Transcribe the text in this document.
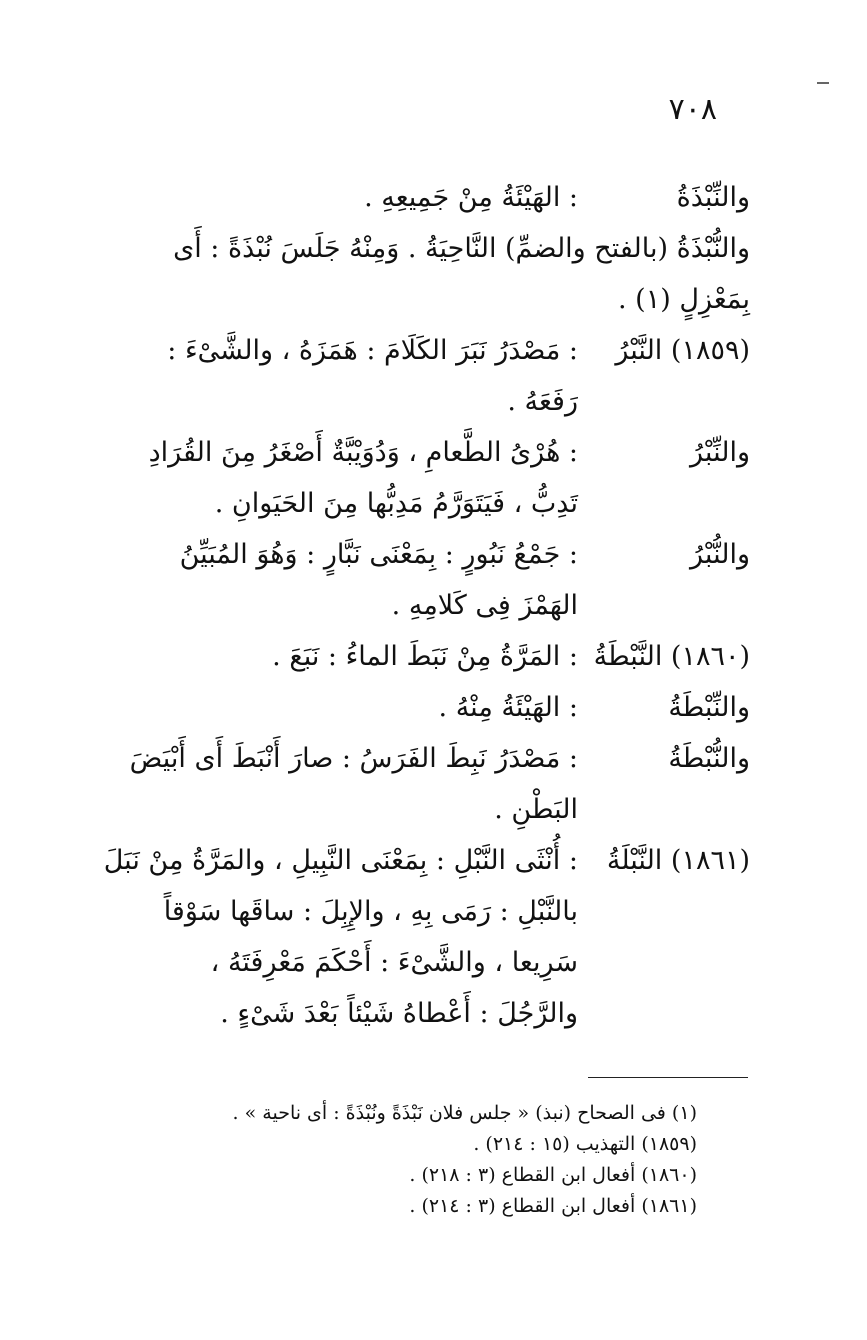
٧٠٨
والنِّبْذَةُ
: الهَيْئَةُ مِنْ جَمِيعِهِ .
والنُّبْذَةُ (بالفتح والضمِّ) النَّاحِيَةُ . وَمِنْهُ جَلَسَ نُبْذَةً : أَى
بِمَعْزِلٍ (١) .
(١٨٥٩) النَّبْرُ
: مَصْدَرُ نَبَرَ الكَلَامَ : هَمَزَهُ ، والشَّىْءَ :
رَفَعَهُ .
والنِّبْرُ
: هُرْىُ الطَّعامِ ، وَدُوَيْبَّةٌ أَصْغَرُ مِنَ القُرَادِ
تَدِبُّ ، فَيَتَوَرَّمُ مَدِبُّها مِنَ الحَيَوانِ .
والنُّبْرُ
: جَمْعُ نَبُورٍ : بِمَعْنَى نَبَّارٍ : وَهُوَ المُبَيِّنُ
الهَمْزَ فِى كَلامِهِ .
(١٨٦٠) النَّبْطَةُ
: المَرَّةُ مِنْ نَبَطَ الماءُ : نَبَعَ .
والنِّبْطَةُ
: الهَيْئَةُ مِنْهُ .
والنُّبْطَةُ
: مَصْدَرُ نَبِطَ الفَرَسُ : صارَ أَنْبَطَ أَى أَبْيَضَ
البَطْنِ .
(١٨٦١) النَّبْلَةُ
: أُنْثَى النَّبْلِ : بِمَعْنَى النَّبِيلِ ، والمَرَّةُ مِنْ نَبَلَ
بالنَّبْلِ : رَمَى بِهِ ، والإِبِلَ : ساقَها سَوْقاً
سَرِيعا ، والشَّىْءَ : أَحْكَمَ مَعْرِفَتَهُ ،
والرَّجُلَ : أَعْطاهُ شَيْئاً بَعْدَ شَىْءٍ .
(١) فى الصحاح (نبذ) « جلس فلان نَبْذَةً ونُبْذَةً : أى ناحية » .
(١٨٥٩) التهذيب (١٥ : ٢١٤) .
(١٨٦٠) أفعال ابن القطاع (٣ : ٢١٨) .
(١٨٦١) أفعال ابن القطاع (٣ : ٢١٤) .
